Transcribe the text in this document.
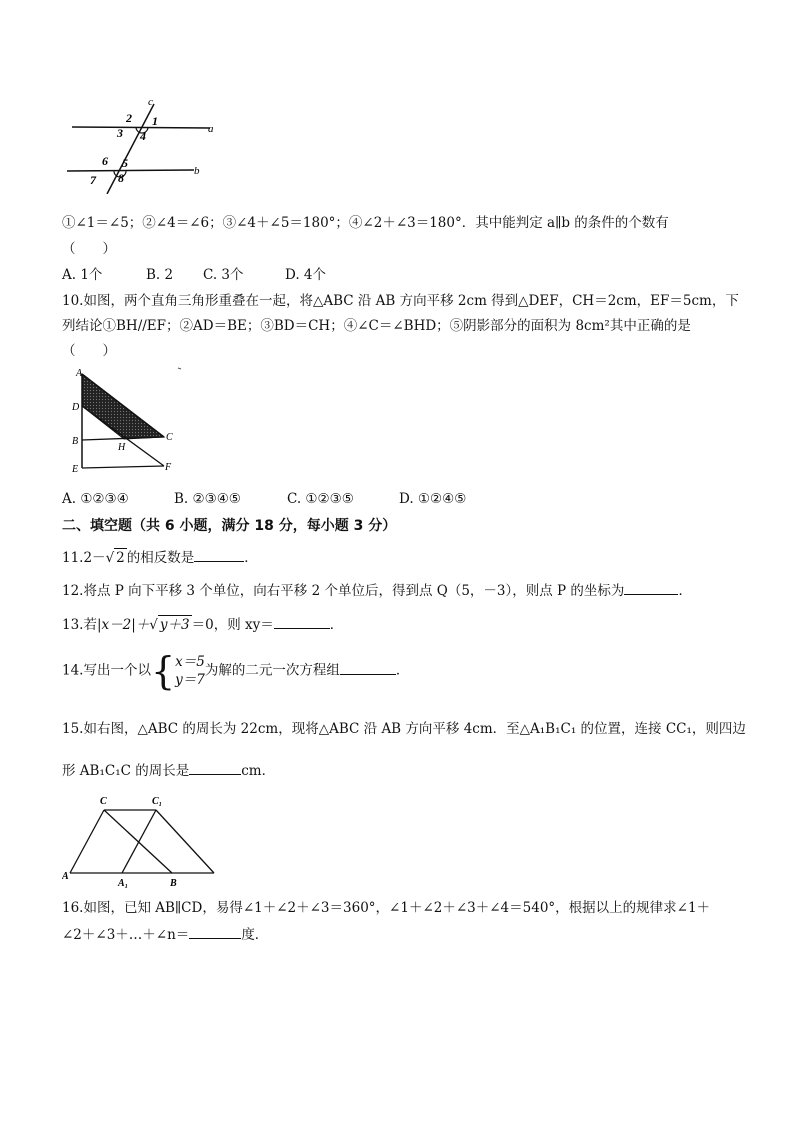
c
a
b
2 1
3 4
6 5
7 8
①∠1＝∠5；②∠4＝∠6；③∠4＋∠5＝180°；④∠2＋∠3＝180°．其中能判定 a∥b 的条件的个数有
（　　）
A. 1个	B. 2 C. 3个	D. 4个
10.如图，两个直角三角形重叠在一起，将△ABC 沿 AB 方向平移 2cm 得到△DEF，CH＝2cm，EF＝5cm，下
列结论①BH//EF；②AD＝BE；③BD＝CH；④∠C＝∠BHD；⑤阴影部分的面积为 8cm²其中正确的是
（　　）
A
D
B
E
H
C
F
A. ①②③④	B. ②③④⑤	C. ①②③⑤	D. ①②④⑤
二、填空题（共 6 小题，满分 18 分，每小题 3 分）
11.2－√ 2 的相反数是	．
12.将点 P 向下平移 3 个单位，向右平移 2 个单位后，得到点 Q（5，－3），则点 P 的坐标为	．
13.若|x－2|＋√ y＋3 ＝0，则 xy＝	．
14.写出一个以{ x＝5
y＝7
为解的二元一次方程组	．
15.如右图，△ABC 的周长为 22cm，现将△ABC 沿 AB 方向平移 4cm．至△A₁B₁C₁ 的位置，连接 CC₁，则四边
形 AB₁C₁C 的周长是	cm．
C	C₁
A
A₁	B
16.如图，已知 AB∥CD，易得∠1＋∠2＋∠3＝360°，∠1＋∠2＋∠3＋∠4＝540°，根据以上的规律求∠1＋
∠2＋∠3＋…＋∠n＝	度．
